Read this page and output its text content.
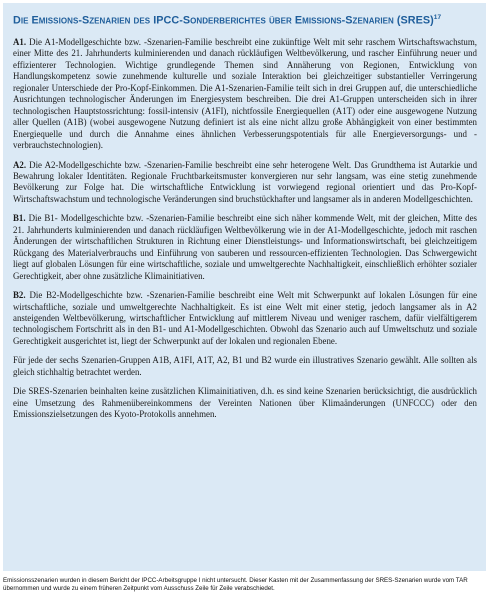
Die Emissions-Szenarien des IPCC-Sonderberichtes über Emissions-Szenarien (SRES)$^{17}$

A1. Die A1-Modellgeschichte bzw. -Szenarien-Familie beschreibt eine zukünftige Welt mit sehr raschem Wirtschaftswachstum, einer Mitte des 21. Jahrhunderts kulminierenden und danach rückläufigen Weltbevölkerung, und rascher Einführung neuer und effizienterer Technologien. Wichtige grundlegende Themen sind Annäherung von Regionen, Entwicklung von Handlungskompetenz sowie zunehmende kulturelle und soziale Interaktion bei gleichzeitiger substantieller Verringerung regionaler Unterschiede der Pro-Kopf-Einkommen. Die A1-Szenarien-Familie teilt sich in drei Gruppen auf, die unterschiedliche Ausrichtungen technologischer Änderungen im Energiesystem beschreiben. Die drei A1-Gruppen unterscheiden sich in ihrer technologischen Hauptstossrichtung: fossil-intensiv (A1FI), nichtfossile Energiequellen (A1T) oder eine ausgewogene Nutzung aller Quellen (A1B) (wobei ausgewogene Nutzung definiert ist als eine nicht allzu große Abhängigkeit von einer bestimmten Energiequelle und durch die Annahme eines ähnlichen Verbesserungspotentials für alle Energieversorgungs- und -verbrauchstechnologien).

A2. Die A2-Modellgeschichte bzw. -Szenarien-Familie beschreibt eine sehr heterogene Welt. Das Grundthema ist Autarkie und Bewahrung lokaler Identitäten. Regionale Fruchtbarkeitsmuster konvergieren nur sehr langsam, was eine stetig zunehmende Bevölkerung zur Folge hat. Die wirtschaftliche Entwicklung ist vorwiegend regional orientiert und das Pro-Kopf-Wirtschaftswachstum und technologische Veränderungen sind bruchstückhafter und langsamer als in anderen Modellgeschichten.

B1. Die B1- Modellgeschichte bzw. -Szenarien-Familie beschreibt eine sich näher kommende Welt, mit der gleichen, Mitte des 21. Jahrhunderts kulminierenden und danach rückläufigen Weltbevölkerung wie in der A1-Modellgeschichte, jedoch mit raschen Änderungen der wirtschaftlichen Strukturen in Richtung einer Dienstleistungs- und Informationswirtschaft, bei gleichzeitigem Rückgang des Materialverbrauchs und Einführung von sauberen und ressourcen-effizienten Technologien. Das Schwergewicht liegt auf globalen Lösungen für eine wirtschaftliche, soziale und umweltgerechte Nachhaltigkeit, einschließlich erhöhter sozialer Gerechtigkeit, aber ohne zusätzliche Klimainitiativen.

B2. Die B2-Modellgeschichte bzw. -Szenarien-Familie beschreibt eine Welt mit Schwerpunkt auf lokalen Lösungen für eine wirtschaftliche, soziale und umweltgerechte Nachhaltigkeit. Es ist eine Welt mit einer stetig, jedoch langsamer als in A2 ansteigenden Weltbevölkerung, wirtschaftlicher Entwicklung auf mittlerem Niveau und weniger raschem, dafür vielfältigerem technologischem Fortschritt als in den B1- und A1-Modellgeschichten. Obwohl das Szenario auch auf Umweltschutz und soziale Gerechtigkeit ausgerichtet ist, liegt der Schwerpunkt auf der lokalen und regionalen Ebene.

Für jede der sechs Szenarien-Gruppen A1B, A1FI, A1T, A2, B1 und B2 wurde ein illustratives Szenario gewählt. Alle sollten als gleich stichhaltig betrachtet werden.

Die SRES-Szenarien beinhalten keine zusätzlichen Klimainitiativen, d.h. es sind keine Szenarien berücksichtigt, die ausdrücklich eine Umsetzung des Rahmenübereinkommens der Vereinten Nationen über Klimaänderungen (UNFCCC) oder den Emissionszielsetzungen des Kyoto-Protokolls annehmen.

Emissionsszenarien wurden in diesem Bericht der IPCC-Arbeitsgruppe I nicht untersucht. Dieser Kasten mit der Zusammenfassung der SRES-Szenarien wurde vom TAR übernommen und wurde zu einem früheren Zeitpunkt vom Ausschuss Zeile für Zeile verabschiedet.
